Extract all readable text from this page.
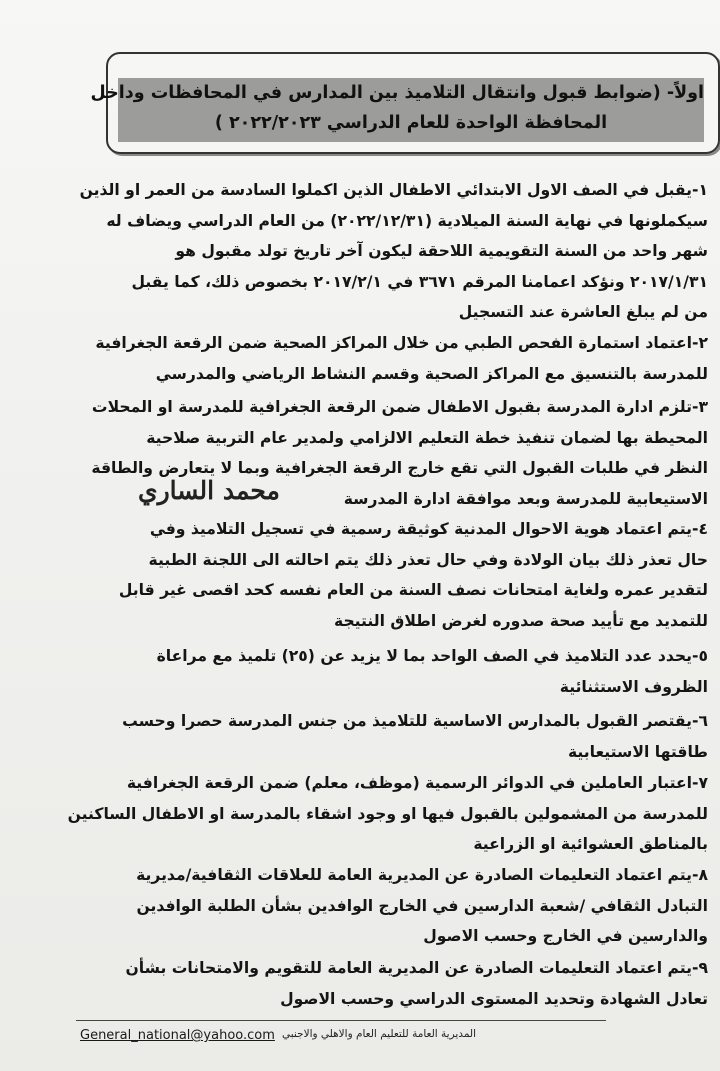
اولاً- (ضوابط قبول وانتقال التلاميذ بين المدارس في المحافظات وداخل
المحافظة الواحدة للعام الدراسي ٢٠٢٢/٢٠٢٣ )
١-يقبل في الصف الاول الابتدائي الاطفال الذين اكملوا السادسة من العمر او الذين
سيكملونها في نهاية السنة الميلادية (٢٠٢٢/١٢/٣١) من العام الدراسي ويضاف له
شهر واحد من السنة التقويمية اللاحقة ليكون آخر تاريخ تولد مقبول هو
٢٠١٧/١/٣١ ونؤكد اعمامنا المرقم ٣٦٧١ في ٢٠١٧/٢/١ بخصوص ذلك، كما يقبل
من لم يبلغ العاشرة عند التسجيل
٢-اعتماد استمارة الفحص الطبي من خلال المراكز الصحية ضمن الرقعة الجغرافية
للمدرسة بالتنسيق مع المراكز الصحية وقسم النشاط الرياضي والمدرسي
٣-تلزم ادارة المدرسة بقبول الاطفال ضمن الرقعة الجغرافية للمدرسة او المحلات
المحيطة بها لضمان تنفيذ خطة التعليم الالزامي ولمدير عام التربية صلاحية
النظر في طلبات القبول التي تقع خارج الرقعة الجغرافية وبما لا يتعارض والطاقة
الاستيعابية للمدرسة وبعد موافقة ادارة المدرسة
محمد الساري
٤-يتم اعتماد هوية الاحوال المدنية كوثيقة رسمية في تسجيل التلاميذ وفي
حال تعذر ذلك بيان الولادة وفي حال تعذر ذلك يتم احالته الى اللجنة الطبية
لتقدير عمره ولغاية امتحانات نصف السنة من العام نفسه كحد اقصى غير قابل
للتمديد مع تأييد صحة صدوره لغرض اطلاق النتيجة
٥-يحدد عدد التلاميذ في الصف الواحد بما لا يزيد عن (٢٥) تلميذ مع مراعاة
الظروف الاستثنائية
٦-يقتصر القبول بالمدارس الاساسية للتلاميذ من جنس المدرسة حصرا وحسب
طاقتها الاستيعابية
٧-اعتبار العاملين في الدوائر الرسمية (موظف، معلم) ضمن الرقعة الجغرافية
للمدرسة من المشمولين بالقبول فيها او وجود اشقاء بالمدرسة او الاطفال الساكنين
بالمناطق العشوائية او الزراعية
٨-يتم اعتماد التعليمات الصادرة عن المديرية العامة للعلاقات الثقافية/مديرية
التبادل الثقافي /شعبة الدارسين في الخارج الوافدين بشأن الطلبة الوافدين
والدارسين في الخارج وحسب الاصول
٩-يتم اعتماد التعليمات الصادرة عن المديرية العامة للتقويم والامتحانات بشأن
تعادل الشهادة وتحديد المستوى الدراسي وحسب الاصول
General_national@yahoo.com المديرية العامة للتعليم العام والاهلي والاجنبي
